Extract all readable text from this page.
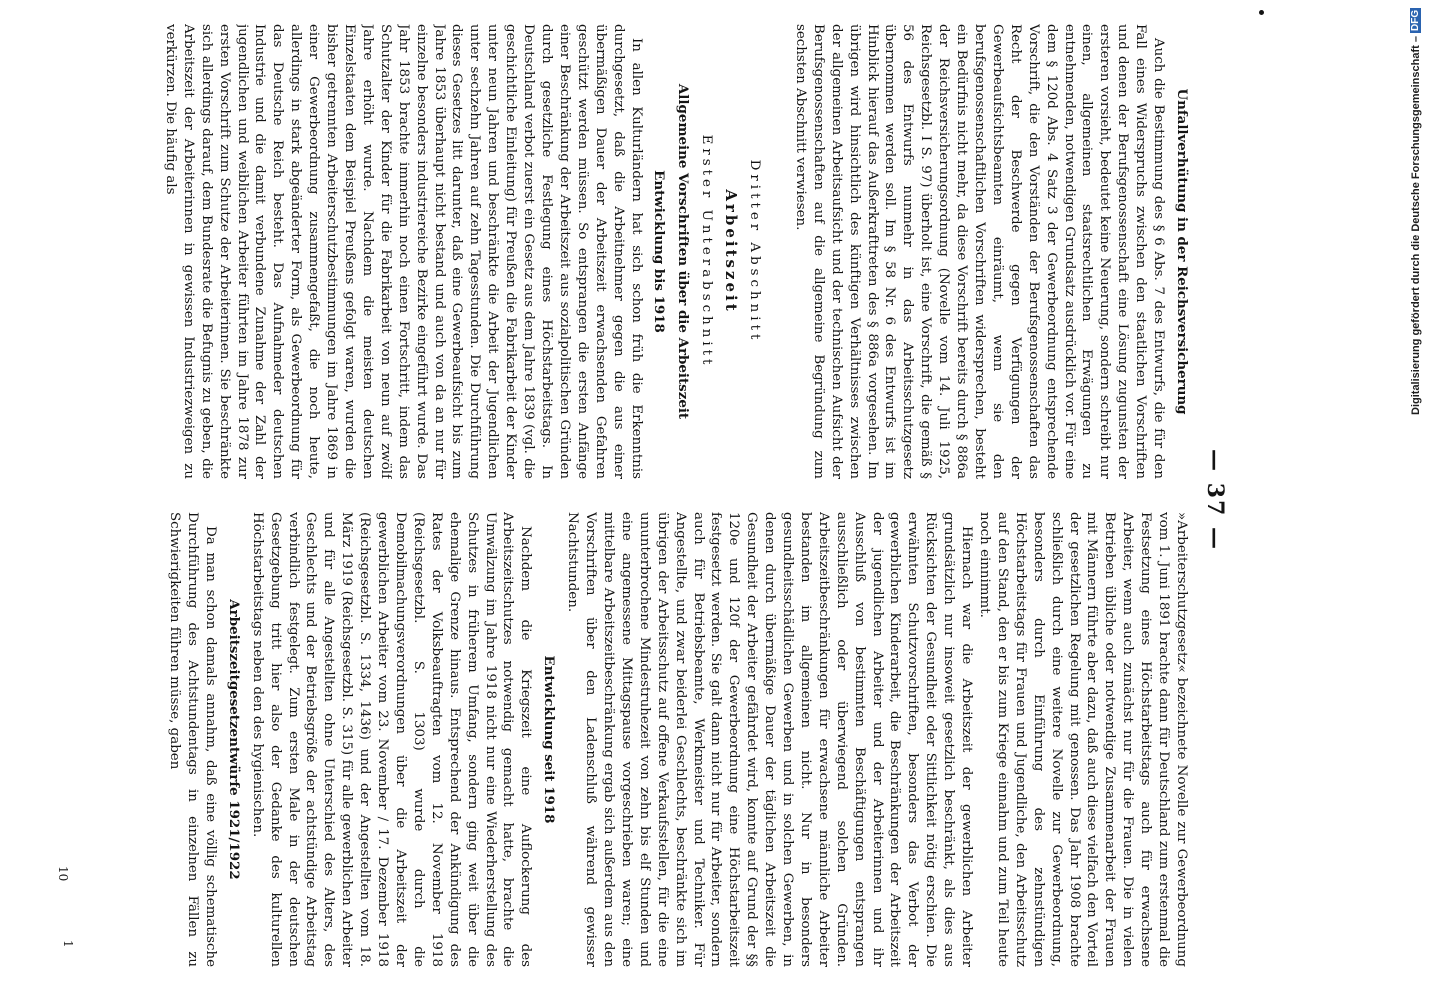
— 37 —
Unfallverhütung in der Reichsversicherung

Auch die Bestimmung des § 6 Abs. 7 des Entwurfs, die für den Fall eines Widerspruchs zwischen den staatlichen Vorschriften und denen der Berufsgenossenschaft eine Lösung zugunsten der ersteren vorsieht, bedeutet keine Neuerung, sondern schreibt nur einen, allgemeinen staatsrechtlichen Erwägungen zu entnehmenden, notwendigen Grundsatz ausdrücklich vor. Für eine dem § 120d Abs. 4 Satz 3 der Gewerbeordnung entsprechende Vorschrift, die den Vorständen der Berufsgenossenschaften das Recht der Beschwerde gegen Verfügungen der Gewerbeaufsichtsbeamten einräumt, wenn sie den berufsgenossenschaftlichen Vorschriften widersprechen, besteht ein Bedürfnis nicht mehr, da diese Vorschrift bereits durch § 886a der Reichsversicherungsordnung (Novelle vom 14. Juli 1925, Reichsgesetzbl. I S. 97) überholt ist, eine Vorschrift, die gemäß § 56 des Entwurfs nunmehr in das Arbeitsschutzgesetz übernommen werden soll. Im § 58 Nr. 6 des Entwurfs ist im Hinblick hierauf das Außerkrafttreten des § 886a vorgesehen. Im übrigen wird hinsichtlich des künftigen Verhältnisses zwischen der allgemeinen Arbeitsaufsicht und der technischen Aufsicht der Berufsgenossenschaften auf die allgemeine Begründung zum sechsten Abschnitt verwiesen.

Dritter Abschnitt
Arbeitszeit
Erster Unterabschnitt
Allgemeine Vorschriften über die Arbeitszeit
Entwicklung bis 1918

In allen Kulturländern hat sich schon früh die Erkenntnis durchgesetzt, daß die Arbeitnehmer gegen die aus einer übermäßigen Dauer der Arbeitszeit erwachsenden Gefahren geschützt werden müssen. So entsprangen die ersten Anfänge einer Beschränkung der Arbeitszeit aus sozialpolitischen Gründen durch gesetzliche Festlegung eines Höchstarbeitstags. In Deutschland verbot zuerst ein Gesetz aus dem Jahre 1839 (vgl. die geschichtliche Einleitung) für Preußen die Fabrikarbeit der Kinder unter neun Jahren und beschränkte die Arbeit der Jugendlichen unter sechzehn Jahren auf zehn Tagesstunden. Die Durchführung dieses Gesetzes litt darunter, daß eine Gewerbeaufsicht bis zum Jahre 1853 überhaupt nicht bestand und auch von da an nur für einzelne besonders industriereiche Bezirke eingeführt wurde. Das Jahr 1853 brachte immerhin noch einen Fortschritt, indem das Schutzalter der Kinder für die Fabrikarbeit von neun auf zwölf Jahre erhöht wurde. Nachdem die meisten deutschen Einzelstaaten dem Beispiel Preußens gefolgt waren, wurden die bisher getrennten Arbeiterschutzbestimmungen im Jahre 1869 in einer Gewerbeordnung zusammengefaßt, die noch heute, allerdings in stark abgeänderter Form, als Gewerbeordnung für das Deutsche Reich besteht. Das Aufnahmeder deutschen Industrie und die damit verbundene Zunahme der Zahl der jugendlichen und weiblichen Arbeiter führten im Jahre 1878 zur ersten Vorschrift zum Schutze der Arbeiterinnen. Sie beschränkte sich allerdings darauf, dem Bundesrate die Befugnis zu geben, die Arbeitszeit der Arbeiterinnen in gewissen Industriezweigen zu verkürzen. Die häufig als

»Arbeiterschutzgesetz« bezeichnete Novelle zur Gewerbeordnung vom 1. Juni 1891 brachte dann für Deutschland zum erstenmal die Festsetzung eines Höchstarbeitstags auch für erwachsene Arbeiter, wenn auch zunächst nur für die Frauen. Die in vielen Betrieben übliche oder notwendige Zusammenarbeit der Frauen mit Männern führte aber dazu, daß auch diese vielfach den Vorteil der gesetzlichen Regelung mit genossen. Das Jahr 1908 brachte schließlich durch eine weitere Novelle zur Gewerbeordnung, besonders durch Einführung des zehnstündigen Höchstarbeitstags für Frauen und Jugendliche, den Arbeitsschutz auf den Stand, den er bis zum Kriege einnahm und zum Teil heute noch einnimmt.

Hiernach war die Arbeitszeit der gewerblichen Arbeiter grundsätzlich nur insoweit gesetzlich beschränkt, als dies aus Rücksichten der Gesundheit oder Sittlichkeit nötig erschien. Die erwähnten Schutzvorschriften, besonders das Verbot der gewerblichen Kinderarbeit, die Beschränkungen der Arbeitszeit der jugendlichen Arbeiter und der Arbeiterinnen und ihr Ausschluß von bestimmten Beschäftigungen entsprangen ausschließlich oder überwiegend solchen Gründen. Arbeitszeitbeschränkungen für erwachsene männliche Arbeiter bestanden im allgemeinen nicht. Nur in besonders gesundheitsschädlichen Gewerben und in solchen Gewerben, in denen durch übermäßige Dauer der täglichen Arbeitszeit die Gesundheit der Arbeiter gefährdet wird, konnte auf Grund der §§ 120e und 120f der Gewerbeordnung eine Höchstarbeitszeit festgesetzt werden. Sie galt dann nicht nur für Arbeiter, sondern auch für Betriebsbeamte, Werkmeister und Techniker. Für Angestellte, und zwar beiderlei Geschlechts, beschränkte sich im übrigen der Arbeitsschutz auf offene Verkaufsstellen, für die eine ununterbrochene Mindestruhezeit von zehn bis elf Stunden und eine angemessene Mittagspause vorgeschrieben waren; eine mittelbare Arbeitszeitbeschränkung ergab sich außerdem aus den Vorschriften über den Ladenschluß während gewisser Nachtstunden.

Entwicklung seit 1918

Nachdem die Kriegszeit eine Auflockerung des Arbeitszeitschutzes notwendig gemacht hatte, brachte die Umwälzung im Jahre 1918 nicht nur eine Wiederherstellung des Schutzes in früherem Umfang, sondern ging weit über die ehemalige Grenze hinaus. Entsprechend der Ankündigung des Rates der Volksbeauftragten vom 12. November 1918 (Reichsgesetzbl. S. 1303) wurde durch die Demobilmachungsverordnungen über die Arbeitszeit der gewerblichen Arbeiter vom 23. November / 17. Dezember 1918 (Reichsgesetzbl. S. 1334, 1436) und der Angestellten vom 18. März 1919 (Reichsgesetzbl. S. 315) für alle gewerblichen Arbeiter und für alle Angestellten ohne Unterschied des Alters, des Geschlechts und der Betriebsgröße der achtstündige Arbeitstag verbindlich festgelegt. Zum ersten Male in der deutschen Gesetzgebung tritt hier also der Gedanke des kulturellen Höchstarbeitstags neben den des hygienischen.

Arbeitszeitgesetzentwürfe 1921/1922

Da man schon damals annahm, daß eine völlig schematische Durchführung des Achtstundentags in einzelnen Fällen zu Schwierigkeiten führen müsse, gaben

10
1
Digitalisierung gefördert durch die Deutsche Forschungsgemeinschaft – DFG
